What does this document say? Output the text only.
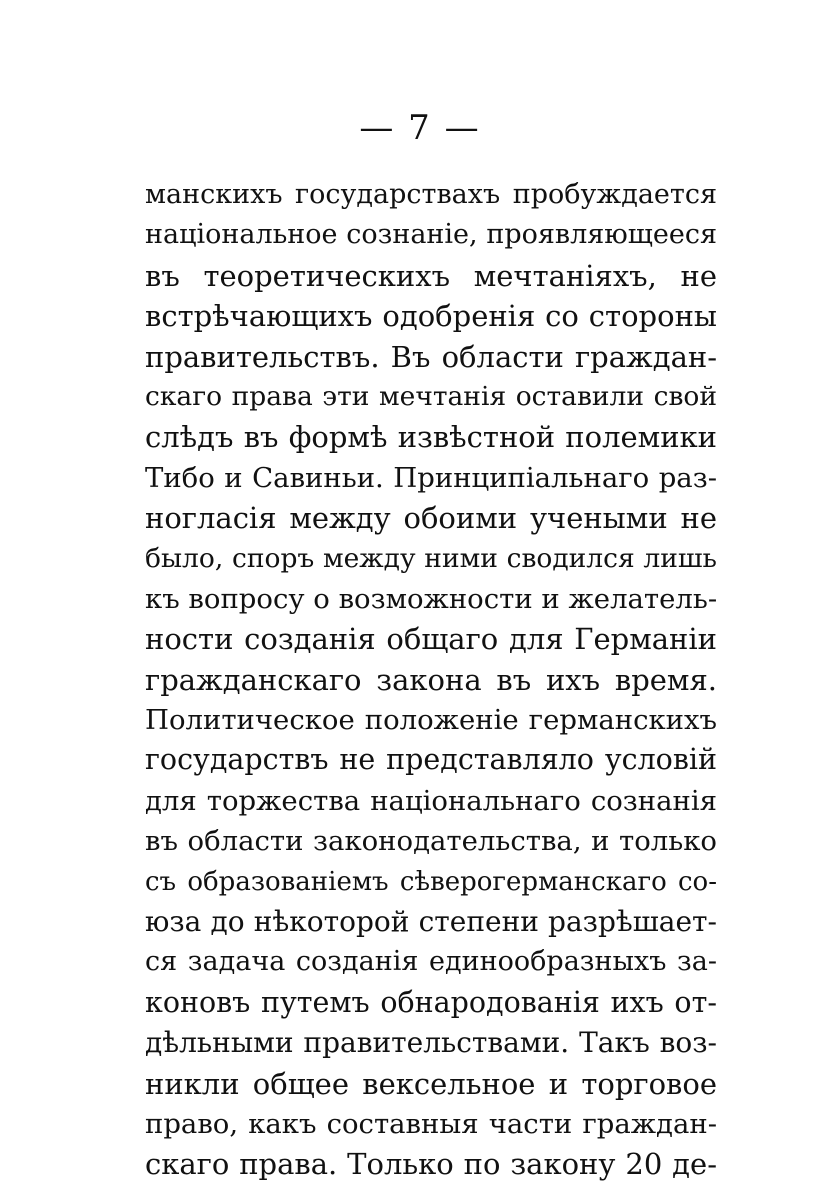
— 7 —
манскихъ государствахъ пробуждается
національное сознаніе, проявляющееся
въ теоретическихъ мечтаніяхъ, не
встрѣчающихъ одобренія со стороны
правительствъ. Въ области граждан-
скаго права эти мечтанія оставили свой
слѣдъ въ формѣ извѣстной полемики
Тибо и Савиньи. Принципіальнаго раз-
ногласія между обоими учеными не
было, споръ между ними сводился лишь
къ вопросу о возможности и желатель-
ности созданія общаго для Германіи
гражданскаго закона въ ихъ время.
Политическое положеніе германскихъ
государствъ не представляло условій
для торжества національнаго сознанія
въ области законодательства, и только
съ образованіемъ сѣверогерманскаго со-
юза до нѣкоторой степени разрѣшает-
ся задача созданія единообразныхъ за-
коновъ путемъ обнародованія ихъ от-
дѣльными правительствами. Такъ воз-
никли общее вексельное и торговое
право, какъ составныя части граждан-
скаго права. Только по закону 20 де-
